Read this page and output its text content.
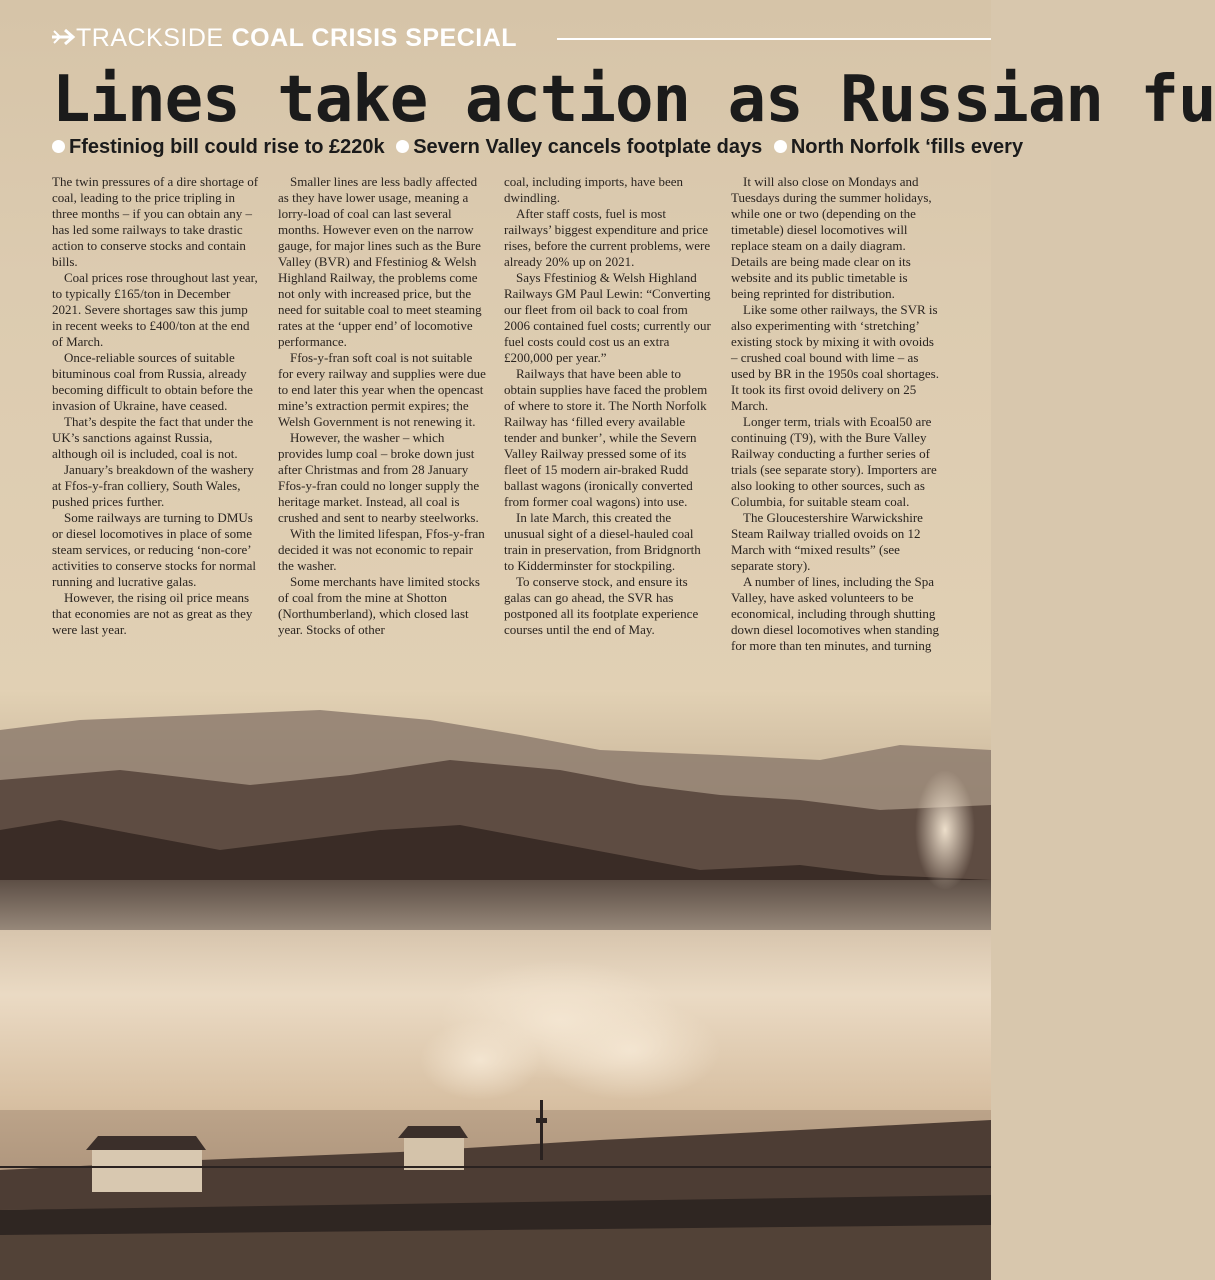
TRACKSIDE COAL CRISIS SPECIAL
Lines take action as Russian fu
Ffestiniog bill could rise to £220k Severn Valley cancels footplate days North Norfolk ‘fills every

The twin pressures of a dire shortage of coal, leading to the price tripling in three months – if you can obtain any – has led some railways to take drastic action to conserve stocks and contain bills.

Coal prices rose throughout last year, to typically £165/ton in December 2021. Severe shortages saw this jump in recent weeks to £400/ton at the end of March.

Once-reliable sources of suitable bituminous coal from Russia, already becoming difficult to obtain before the invasion of Ukraine, have ceased.

That’s despite the fact that under the UK’s sanctions against Russia, although oil is included, coal is not.

January’s breakdown of the washery at Ffos-y-fran colliery, South Wales, pushed prices further.

Some railways are turning to DMUs or diesel locomotives in place of some steam services, or reducing ‘non-core’ activities to conserve stocks for normal running and lucrative galas.

However, the rising oil price means that economies are not as great as they were last year.

Smaller lines are less badly affected as they have lower usage, meaning a lorry-load of coal can last several months. However even on the narrow gauge, for major lines such as the Bure Valley (BVR) and Ffestiniog & Welsh Highland Railway, the problems come not only with increased price, but the need for suitable coal to meet steaming rates at the ‘upper end’ of locomotive performance.

Ffos-y-fran soft coal is not suitable for every railway and supplies were due to end later this year when the opencast mine’s extraction permit expires; the Welsh Government is not renewing it.

However, the washer – which provides lump coal – broke down just after Christmas and from 28 January Ffos-y-fran could no longer supply the heritage market. Instead, all coal is crushed and sent to nearby steelworks.

With the limited lifespan, Ffos-y-fran decided it was not economic to repair the washer.

Some merchants have limited stocks of coal from the mine at Shotton (Northumberland), which closed last year. Stocks of other

coal, including imports, have been dwindling.

After staff costs, fuel is most railways’ biggest expenditure and price rises, before the current problems, were already 20% up on 2021.

Says Ffestiniog & Welsh Highland Railways GM Paul Lewin: “Converting our fleet from oil back to coal from 2006 contained fuel costs; currently our fuel costs could cost us an extra £200,000 per year.”

Railways that have been able to obtain supplies have faced the problem of where to store it. The North Norfolk Railway has ‘filled every available tender and bunker’, while the Severn Valley Railway pressed some of its fleet of 15 modern air-braked Rudd ballast wagons (ironically converted from former coal wagons) into use.

In late March, this created the unusual sight of a diesel-hauled coal train in preservation, from Bridgnorth to Kidderminster for stockpiling.

To conserve stock, and ensure its galas can go ahead, the SVR has postponed all its footplate experience courses until the end of May.

It will also close on Mondays and Tuesdays during the summer holidays, while one or two (depending on the timetable) diesel locomotives will replace steam on a daily diagram. Details are being made clear on its website and its public timetable is being reprinted for distribution.

Like some other railways, the SVR is also experimenting with ‘stretching’ existing stock by mixing it with ovoids – crushed coal bound with lime – as used by BR in the 1950s coal shortages. It took its first ovoid delivery on 25 March.

Longer term, trials with Ecoal50 are continuing (T9), with the Bure Valley Railway conducting a further series of trials (see separate story). Importers are also looking to other sources, such as Columbia, for suitable steam coal.

The Gloucestershire Warwickshire Steam Railway trialled ovoids on 12 March with “mixed results” (see separate story).

A number of lines, including the Spa Valley, have asked volunteers to be economical, including through shutting down diesel locomotives when standing for more than ten minutes, and turning
